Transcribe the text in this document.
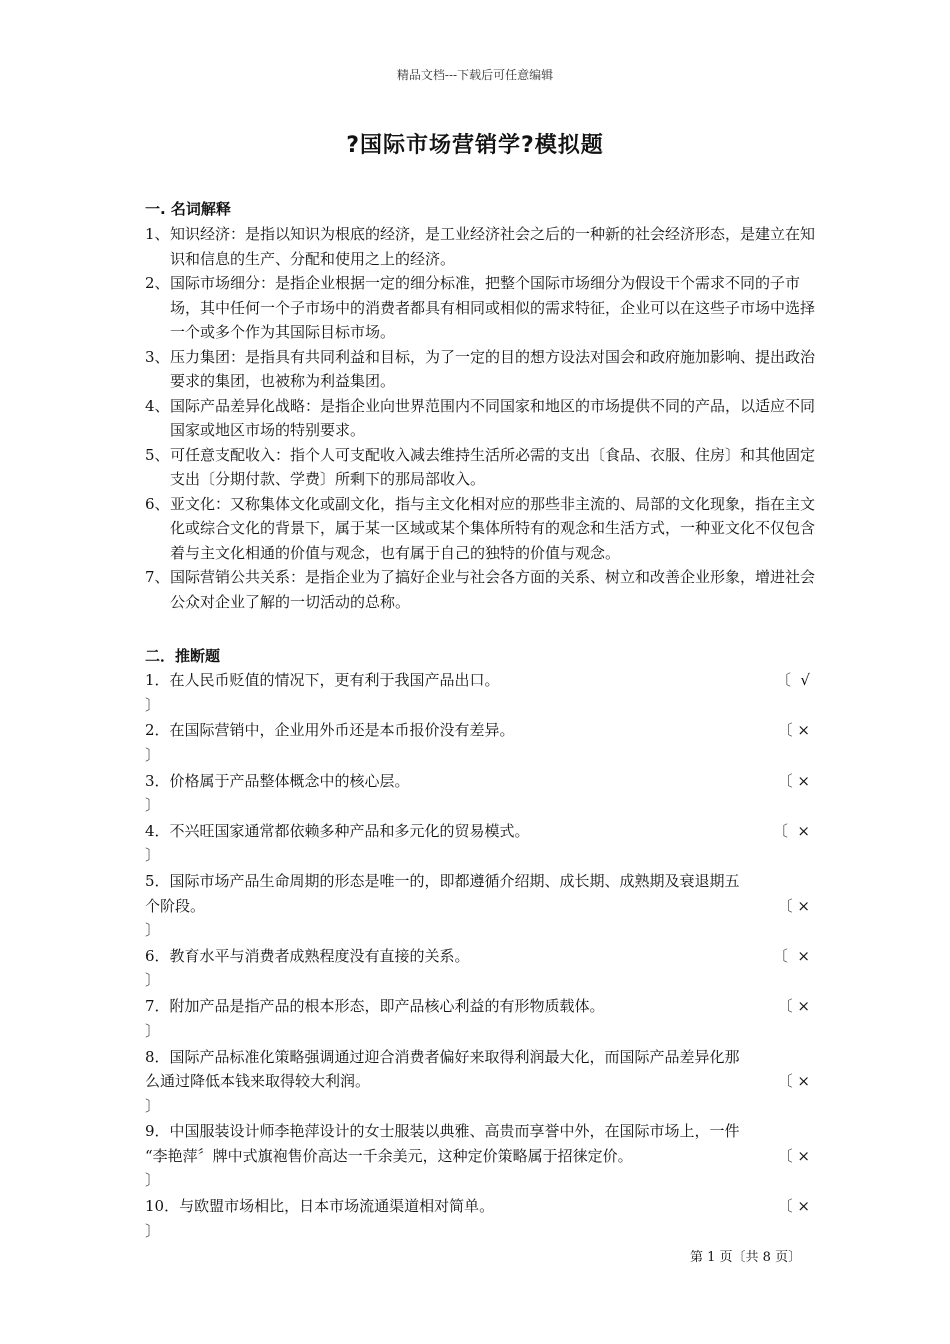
精品文档---下载后可任意编辑
?国际市场营销学?模拟题
一. 名词解释
1、 知识经济：是指以知识为根底的经济，是工业经济社会之后的一种新的社会经济形态，是建立在知识和信息的生产、分配和使用之上的经济。
2、 国际市场细分：是指企业根据一定的细分标准，把整个国际市场细分为假设干个需求不同的子市场，其中任何一个子市场中的消费者都具有相同或相似的需求特征，企业可以在这些子市场中选择一个或多个作为其国际目标市场。
3、 压力集团：是指具有共同利益和目标，为了一定的目的想方设法对国会和政府施加影响、提出政治要求的集团，也被称为利益集团。
4、 国际产品差异化战略：是指企业向世界范围内不同国家和地区的市场提供不同的产品，以适应不同国家或地区市场的特别要求。
5、 可任意支配收入：指个人可支配收入减去维持生活所必需的支出〔食品、衣服、住房〕和其他固定支出〔分期付款、学费〕所剩下的那局部收入。
6、 亚文化：又称集体文化或副文化，指与主文化相对应的那些非主流的、局部的文化现象，指在主文化或综合文化的背景下，属于某一区域或某个集体所特有的观念和生活方式，一种亚文化不仅包含着与主文化相通的价值与观念，也有属于自己的独特的价值与观念。
7、 国际营销公共关系：是指企业为了搞好企业与社会各方面的关系、树立和改善企业形象，增进社会公众对企业了解的一切活动的总称。
二．推断题
1．在人民币贬值的情况下，更有利于我国产品出口。	〔  √
〕
2．在国际营销中，企业用外币还是本币报价没有差异。	〔 ×
〕
3．价格属于产品整体概念中的核心层。	〔 ×
〕
4．不兴旺国家通常都依赖多种产品和多元化的贸易模式。	〔  ×
〕
5．国际市场产品生命周期的形态是唯一的，即都遵循介绍期、成长期、成熟期及衰退期五
个阶段。	〔 ×
〕
6．教育水平与消费者成熟程度没有直接的关系。	〔  ×
〕
7．附加产品是指产品的根本形态，即产品核心利益的有形物质载体。	〔 ×
〕
8．国际产品标准化策略强调通过迎合消费者偏好来取得利润最大化，而国际产品差异化那
么通过降低本钱来取得较大利润。	〔 ×
〕
9．中国服装设计师李艳萍设计的女士服装以典雅、高贵而享誉中外，在国际市场上，一件
“李艳萍〞牌中式旗袍售价高达一千余美元，这种定价策略属于招徕定价。	〔 ×
〕
10．与欧盟市场相比，日本市场流通渠道相对简单。	〔 ×
〕
第 1 页〔共 8 页〕
